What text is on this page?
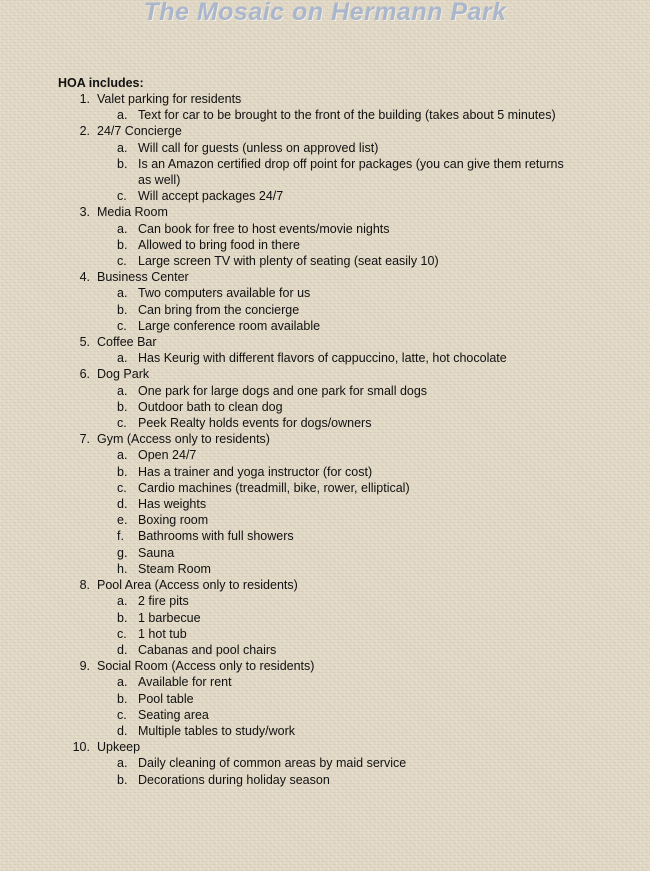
The Mosaic on Hermann Park

HOA includes:

1. Valet parking for residents
a. Text for car to be brought to the front of the building (takes about 5 minutes)
2. 24/7 Concierge
a. Will call for guests (unless on approved list)
b. Is an Amazon certified drop off point for packages (you can give them returns as well)
c. Will accept packages 24/7
3. Media Room
a. Can book for free to host events/movie nights
b. Allowed to bring food in there
c. Large screen TV with plenty of seating (seat easily 10)
4. Business Center
a. Two computers available for us
b. Can bring from the concierge
c. Large conference room available
5. Coffee Bar
a. Has Keurig with different flavors of cappuccino, latte, hot chocolate
6. Dog Park
a. One park for large dogs and one park for small dogs
b. Outdoor bath to clean dog
c. Peek Realty holds events for dogs/owners
7. Gym (Access only to residents)
a. Open 24/7
b. Has a trainer and yoga instructor (for cost)
c. Cardio machines (treadmill, bike, rower, elliptical)
d. Has weights
e. Boxing room
f. Bathrooms with full showers
g. Sauna
h. Steam Room
8. Pool Area (Access only to residents)
a. 2 fire pits
b. 1 barbecue
c. 1 hot tub
d. Cabanas and pool chairs
9. Social Room (Access only to residents)
a. Available for rent
b. Pool table
c. Seating area
d. Multiple tables to study/work
10. Upkeep
a. Daily cleaning of common areas by maid service
b. Decorations during holiday season
